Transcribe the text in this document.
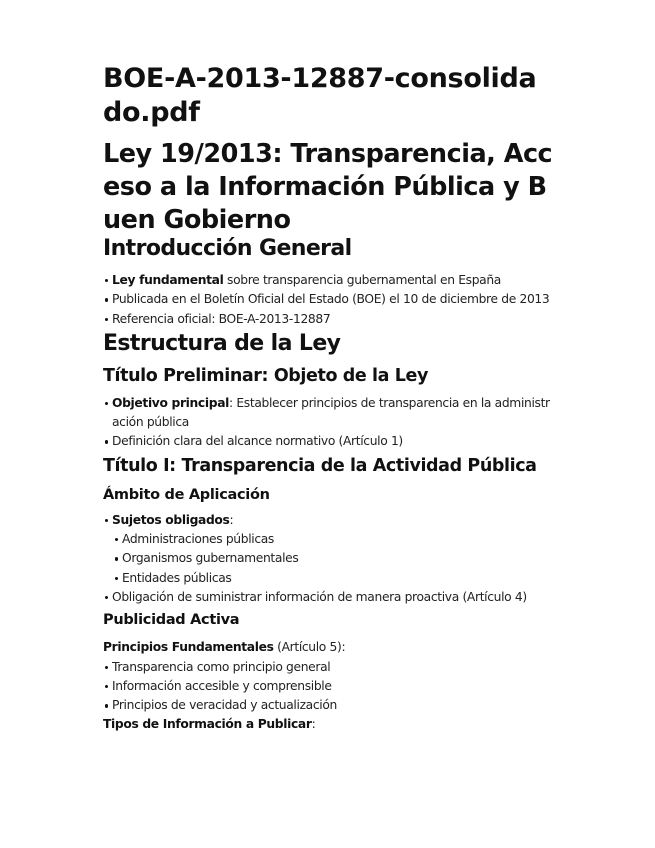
BOE-A-2013-12887-consolidado.pdf
Ley 19/2013: Transparencia, Acceso a la Información Pública y Buen Gobierno
Introducción General
Ley fundamental sobre transparencia gubernamental en España
Publicada en el Boletín Oficial del Estado (BOE) el 10 de diciembre de 2013
Referencia oficial: BOE-A-2013-12887
Estructura de la Ley
Título Preliminar: Objeto de la Ley
Objetivo principal: Establecer principios de transparencia en la administración pública
Definición clara del alcance normativo (Artículo 1)
Título I: Transparencia de la Actividad Pública
Ámbito de Aplicación
Sujetos obligados:
Administraciones públicas
Organismos gubernamentales
Entidades públicas
Obligación de suministrar información de manera proactiva (Artículo 4)
Publicidad Activa

Principios Fundamentales (Artículo 5):

Transparencia como principio general
Información accesible y comprensible
Principios de veracidad y actualización

Tipos de Información a Publicar:
